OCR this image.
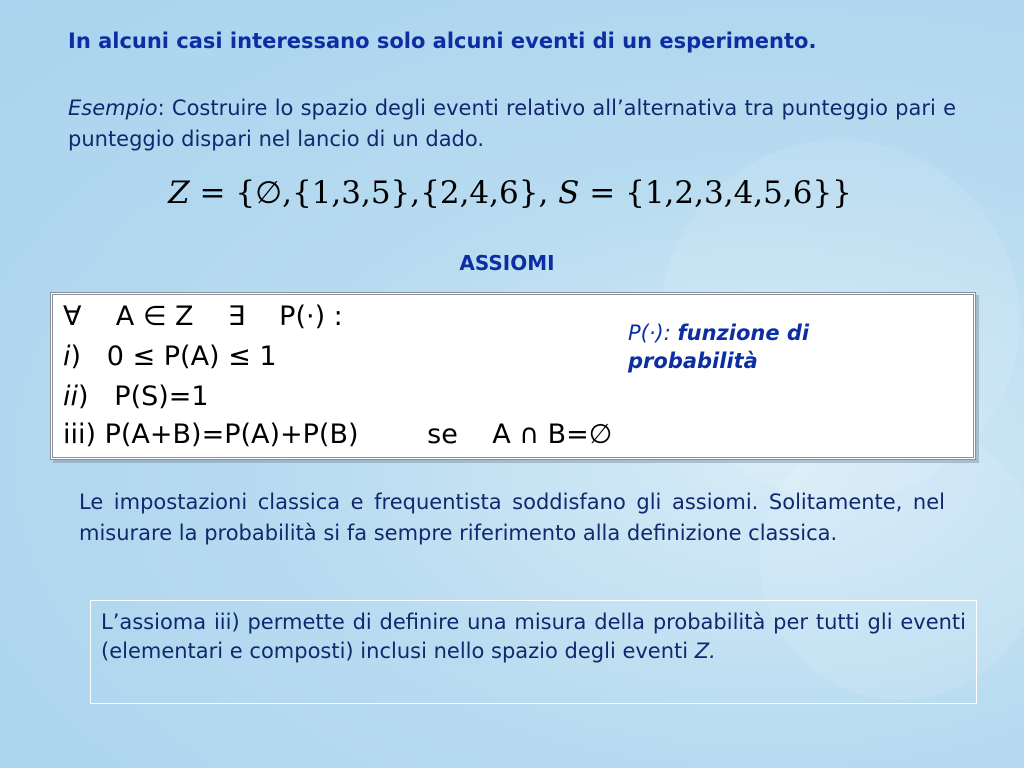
In alcuni casi interessano solo alcuni eventi di un esperimento.
Esempio: Costruire lo spazio degli eventi relativo all’alternativa tra punteggio pari e punteggio dispari nel lancio di un dado.
Z = {∅,{1,3,5},{2,4,6}, S = {1,2,3,4,5,6}}
ASSIOMI
∀    A ∈ Z    ∃    P(·) :
i)   0 ≤ P(A) ≤ 1
ii)   P(S)=1
iii) P(A+B)=P(A)+P(B)        se    A ∩ B=∅
P(·): funzione di probabilità
Le impostazioni classica e frequentista soddisfano gli assiomi. Solitamente, nel misurare la probabilità si fa sempre riferimento alla definizione classica.
L’assioma iii) permette di definire una misura della probabilità per tutti gli eventi (elementari e composti) inclusi nello spazio degli eventi Z.
